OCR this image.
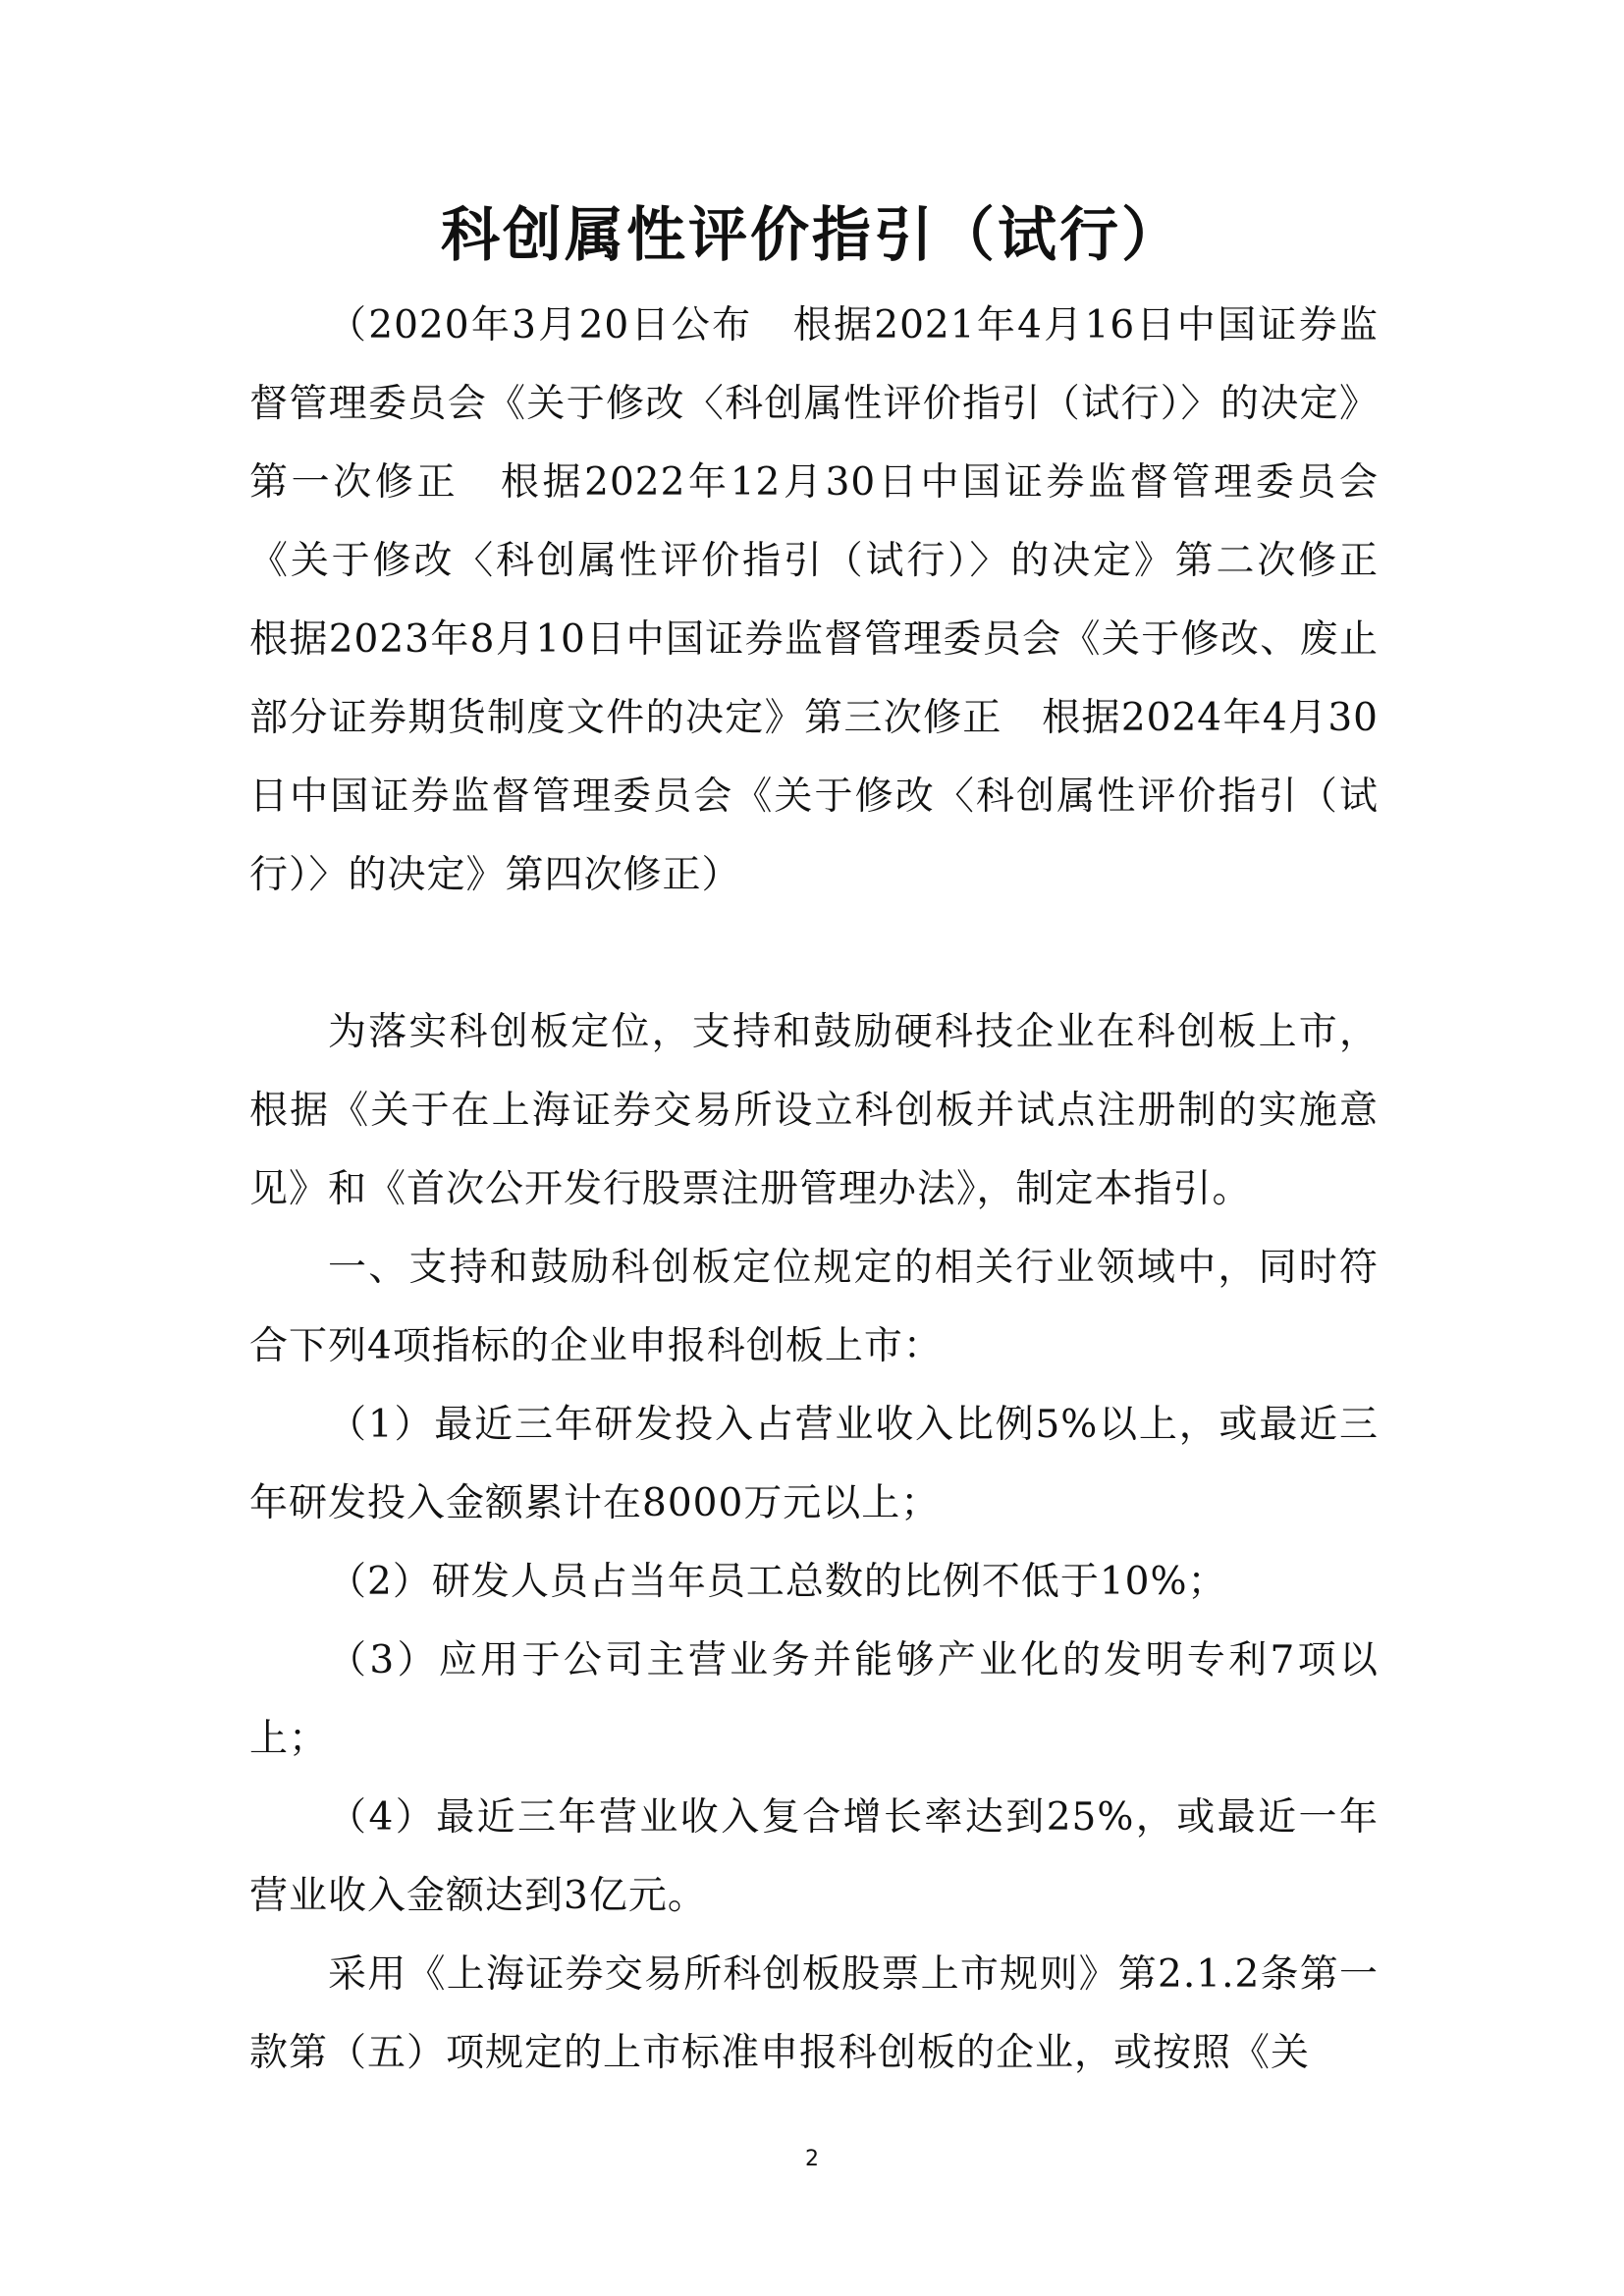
科创属性评价指引（试行）

（2020年3月20日公布　根据2021年4月16日中国证券监督管理委员会《关于修改〈科创属性评价指引（试行）〉的决定》第一次修正　根据2022年12月30日中国证券监督管理委员会《关于修改〈科创属性评价指引（试行）〉的决定》第二次修正　根据2023年8月10日中国证券监督管理委员会《关于修改、废止部分证券期货制度文件的决定》第三次修正　根据2024年4月30日中国证券监督管理委员会《关于修改〈科创属性评价指引（试行）〉的决定》第四次修正）

为落实科创板定位，支持和鼓励硬科技企业在科创板上市，根据《关于在上海证券交易所设立科创板并试点注册制的实施意见》和《首次公开发行股票注册管理办法》，制定本指引。

一、支持和鼓励科创板定位规定的相关行业领域中，同时符合下列4项指标的企业申报科创板上市：

（1）最近三年研发投入占营业收入比例5%以上，或最近三年研发投入金额累计在8000万元以上；

（2）研发人员占当年员工总数的比例不低于10%；

（3）应用于公司主营业务并能够产业化的发明专利7项以上；

（4）最近三年营业收入复合增长率达到25%，或最近一年营业收入金额达到3亿元。

采用《上海证券交易所科创板股票上市规则》第2.1.2条第一款第（五）项规定的上市标准申报科创板的企业，或按照《关

2
